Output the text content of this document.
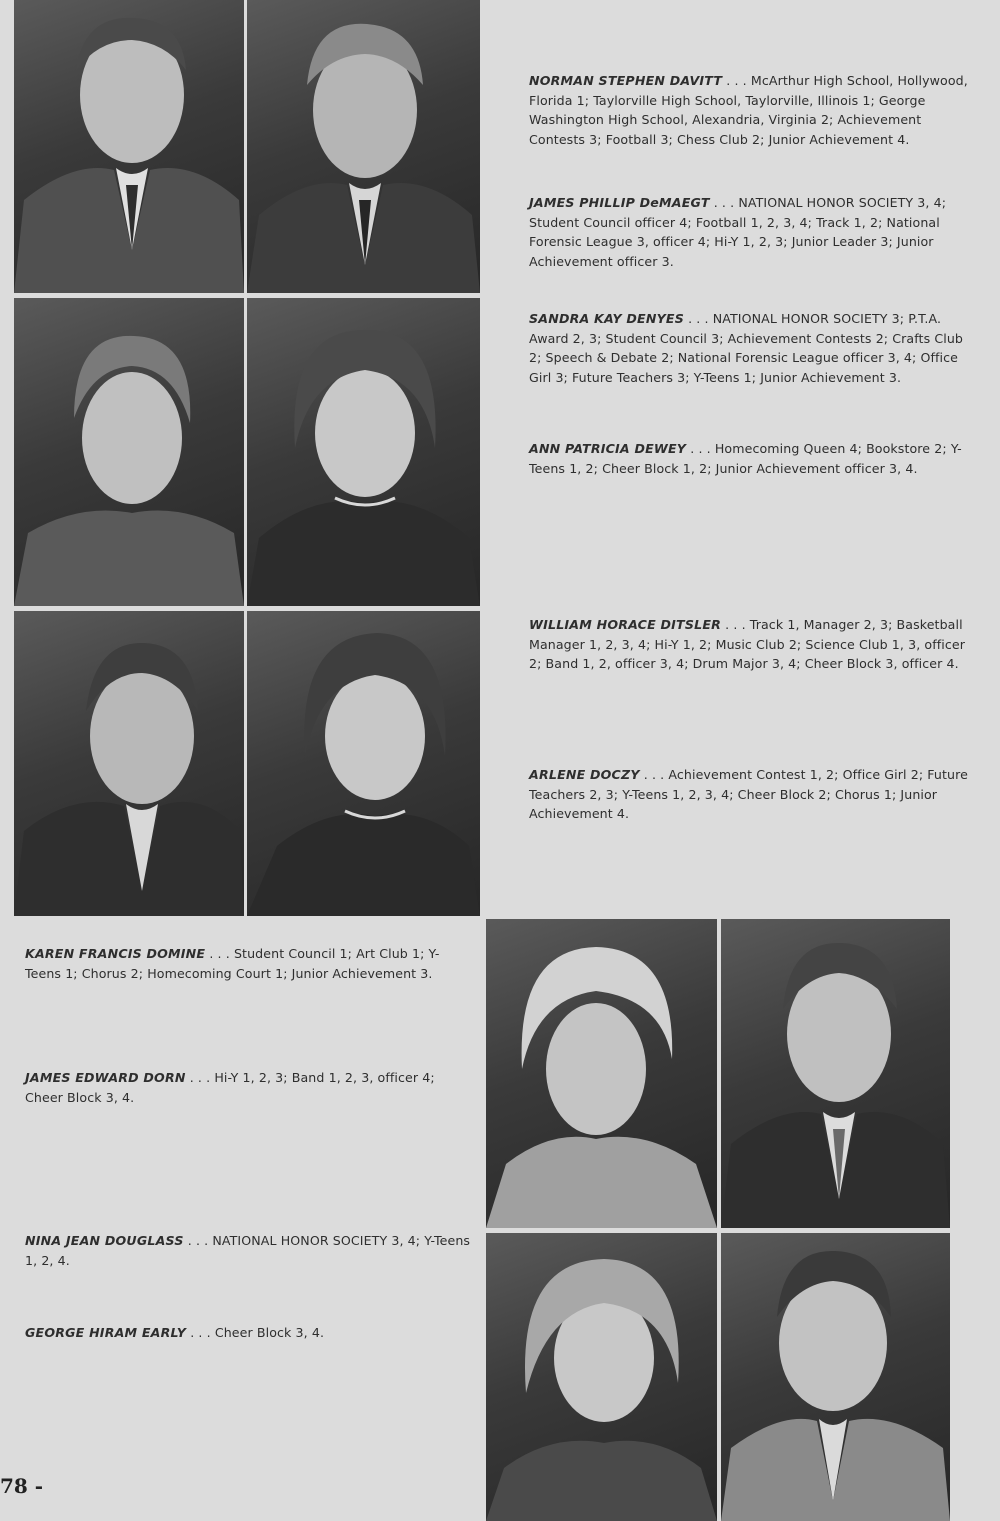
NORMAN STEPHEN DAVITT . . . McArthur High School, Hollywood, Florida 1; Taylorville High School, Taylorville, Illinois 1; George Washington High School, Alexandria, Virginia 2; Achievement Contests 3; Football 3; Chess Club 2; Junior Achievement 4.
JAMES PHILLIP DeMAEGT . . . NATIONAL HONOR SOCIETY 3, 4; Student Council officer 4; Football 1, 2, 3, 4; Track 1, 2; National Forensic League 3, officer 4; Hi-Y 1, 2, 3; Junior Leader 3; Junior Achievement officer 3.
SANDRA KAY DENYES . . . NATIONAL HONOR SOCIETY 3; P.T.A. Award 2, 3; Student Council 3; Achievement Contests 2; Crafts Club 2; Speech & Debate 2; National Forensic League officer 3, 4; Office Girl 3; Future Teachers 3; Y-Teens 1; Junior Achievement 3.
ANN PATRICIA DEWEY . . . Homecoming Queen 4; Bookstore 2; Y-Teens 1, 2; Cheer Block 1, 2; Junior Achievement officer 3, 4.
WILLIAM HORACE DITSLER . . . Track 1, Manager 2, 3; Basketball Manager 1, 2, 3, 4; Hi-Y 1, 2; Music Club 2; Science Club 1, 3, officer 2; Band 1, 2, officer 3, 4; Drum Major 3, 4; Cheer Block 3, officer 4.
ARLENE DOCZY . . . Achievement Contest 1, 2; Office Girl 2; Future Teachers 2, 3; Y-Teens 1, 2, 3, 4; Cheer Block 2; Chorus 1; Junior Achievement 4.
KAREN FRANCIS DOMINE . . . Student Council 1; Art Club 1; Y-Teens 1; Chorus 2; Homecoming Court 1; Junior Achievement 3.
JAMES EDWARD DORN . . . Hi-Y 1, 2, 3; Band 1, 2, 3, officer 4; Cheer Block 3, 4.
NINA JEAN DOUGLASS . . . NATIONAL HONOR SOCIETY 3, 4; Y-Teens 1, 2, 4.
GEORGE HIRAM EARLY . . . Cheer Block 3, 4.
78 -
